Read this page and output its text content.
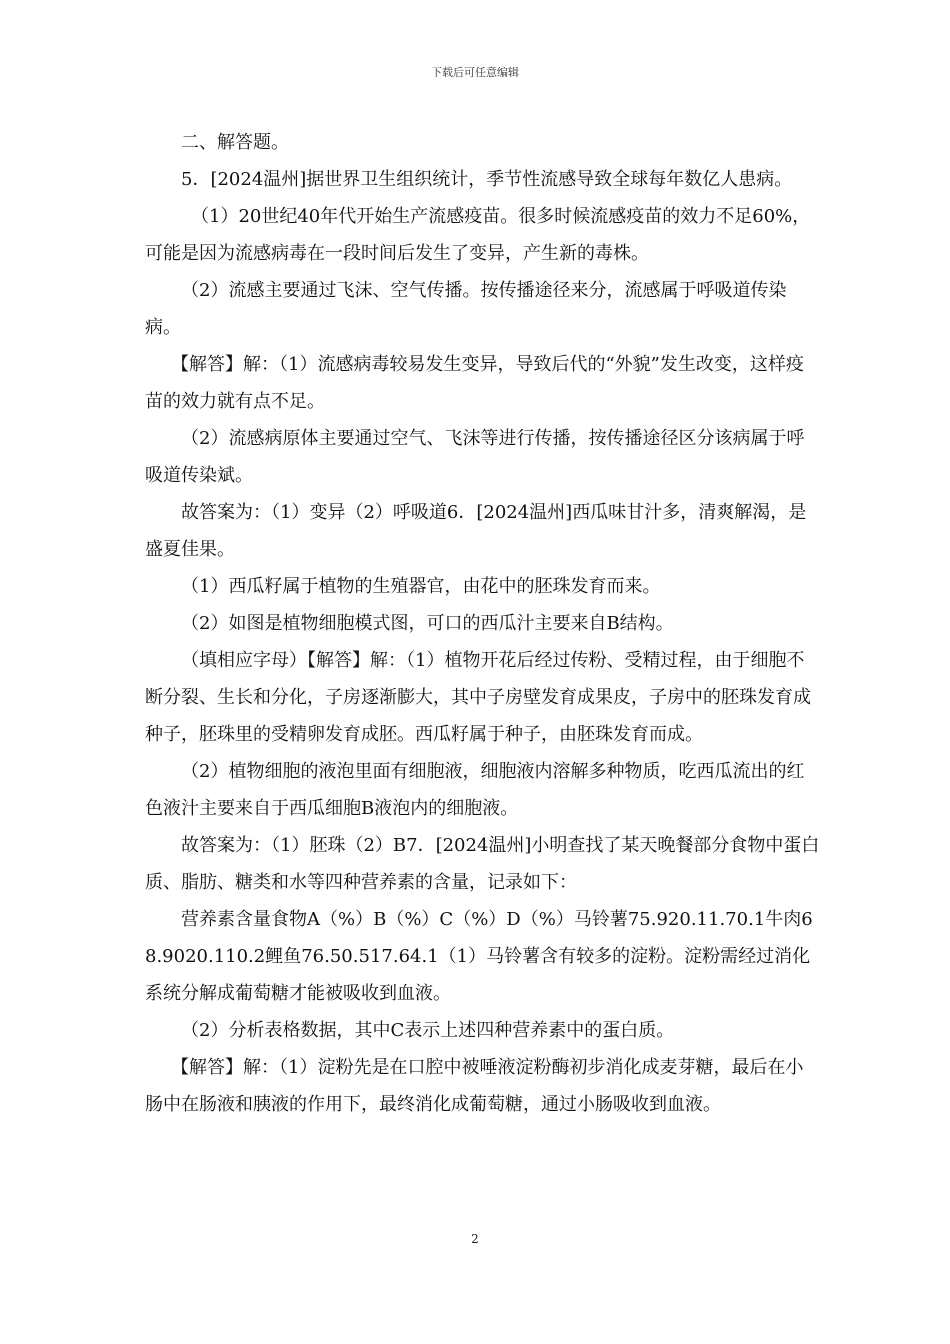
下载后可任意编辑

二、解答题。

5．[2024温州]据世界卫生组织统计，季节性流感导致全球每年数亿人患病。

（1）20世纪40年代开始生产流感疫苗。很多时候流感疫苗的效力不足60%，可能是因为流感病毒在一段时间后发生了变异，产生新的毒株。

（2）流感主要通过飞沫、空气传播。按传播途径来分，流感属于呼吸道传染病。

【解答】解：（1）流感病毒较易发生变异，导致后代的“外貌”发生改变，这样疫苗的效力就有点不足。

（2）流感病原体主要通过空气、飞沫等进行传播，按传播途径区分该病属于呼吸道传染斌。

故答案为：（1）变异（2）呼吸道6．[2024温州]西瓜味甘汁多，清爽解渴，是盛夏佳果。

（1）西瓜籽属于植物的生殖器官，由花中的胚珠发育而来。

（2）如图是植物细胞模式图，可口的西瓜汁主要来自B结构。

（填相应字母）【解答】解：（1）植物开花后经过传粉、受精过程，由于细胞不断分裂、生长和分化，子房逐渐膨大，其中子房壁发育成果皮，子房中的胚珠发育成种子，胚珠里的受精卵发育成胚。西瓜籽属于种子，由胚珠发育而成。

（2）植物细胞的液泡里面有细胞液，细胞液内溶解多种物质，吃西瓜流出的红色液汁主要来自于西瓜细胞B液泡内的细胞液。

故答案为：（1）胚珠（2）B7．[2024温州]小明查找了某天晚餐部分食物中蛋白质、脂肪、糖类和水等四种营养素的含量，记录如下：

营养素含量食物A（%）B（%）C（%）D（%）马铃薯75.920.11.70.1牛肉68.9020.110.2鲤鱼76.50.517.64.1（1）马铃薯含有较多的淀粉。淀粉需经过消化系统分解成葡萄糖才能被吸收到血液。

（2）分析表格数据，其中C表示上述四种营养素中的蛋白质。

【解答】解：（1）淀粉先是在口腔中被唾液淀粉酶初步消化成麦芽糖，最后在小肠中在肠液和胰液的作用下，最终消化成葡萄糖，通过小肠吸收到血液。

2
